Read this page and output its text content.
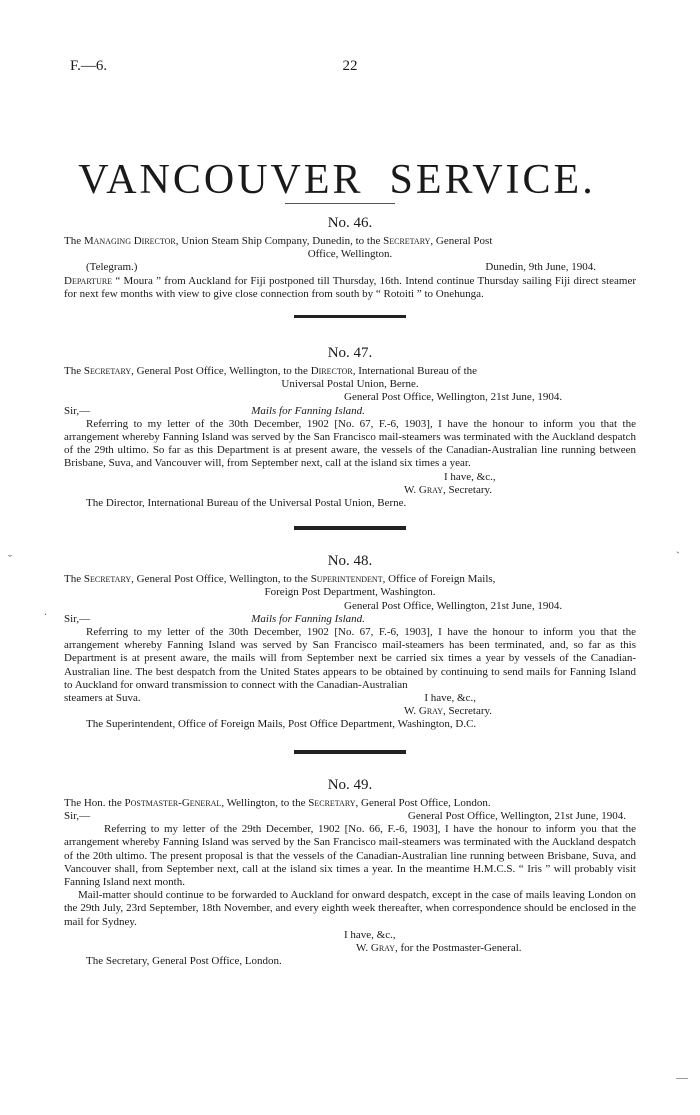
F.—6.	22
VANCOUVER SERVICE.
No. 46.
The Managing Director, Union Steam Ship Company, Dunedin, to the Secretary, General Post
Office, Wellington.
(Telegram.)	Dunedin, 9th June, 1904.
Departure “ Moura ” from Auckland for Fiji postponed till Thursday, 16th. Intend continue Thursday sailing Fiji direct steamer for next few months with view to give close connection from south by “ Rotoiti ” to Onehunga.
No. 47.
The Secretary, General Post Office, Wellington, to the Director, International Bureau of the
Universal Postal Union, Berne.
General Post Office, Wellington, 21st June, 1904.
Sir,—	Mails for Fanning Island.
Referring to my letter of the 30th December, 1902 [No. 67, F.-6, 1903], I have the honour to inform you that the arrangement whereby Fanning Island was served by the San Francisco mail-steamers was terminated with the Auckland despatch of the 29th ultimo. So far as this Department is at present aware, the vessels of the Canadian-Australian line running between Brisbane, Suva, and Vancouver will, from September next, call at the island six times a year.
I have, &c.,
W. Gray, Secretary.
The Director, International Bureau of the Universal Postal Union, Berne.
No. 48.
The Secretary, General Post Office, Wellington, to the Superintendent, Office of Foreign Mails,
Foreign Post Department, Washington.
General Post Office, Wellington, 21st June, 1904.
Sir,—	Mails for Fanning Island.
Referring to my letter of the 30th December, 1902 [No. 67, F.-6, 1903], I have the honour to inform you that the arrangement whereby Fanning Island was served by San Francisco mail-steamers has been terminated, and, so far as this Department is at present aware, the mails will from September next be carried six times a year by vessels of the Canadian-Australian line. The best despatch from the United States appears to be obtained by continuing to send mails for Fanning Island to Auckland for onward transmission to connect with the Canadian-Australian
steamers at Suva.	I have, &c.,
W. Gray, Secretary.
The Superintendent, Office of Foreign Mails, Post Office Department, Washington, D.C.
No. 49.
The Hon. the Postmaster-General, Wellington, to the Secretary, General Post Office, London.
Sir,—	General Post Office, Wellington, 21st June, 1904.
Referring to my letter of the 29th December, 1902 [No. 66, F.-6, 1903], I have the honour to inform you that the arrangement whereby Fanning Island was served by the San Francisco mail-steamers was terminated with the Auckland despatch of the 20th ultimo. The present proposal is that the vessels of the Canadian-Australian line running between Brisbane, Suva, and Vancouver shall, from September next, call at the island six times a year. In the meantime H.M.C.S. “ Iris ” will probably visit Fanning Island next month.
Mail-matter should continue to be forwarded to Auckland for onward despatch, except in the case of mails leaving London on the 29th July, 23rd September, 18th November, and every eighth week thereafter, when correspondence should be enclosed in the mail for Sydney.
I have, &c.,
W. Gray, for the Postmaster-General.
The Secretary, General Post Office, London.
.
˘
ˎ
—
